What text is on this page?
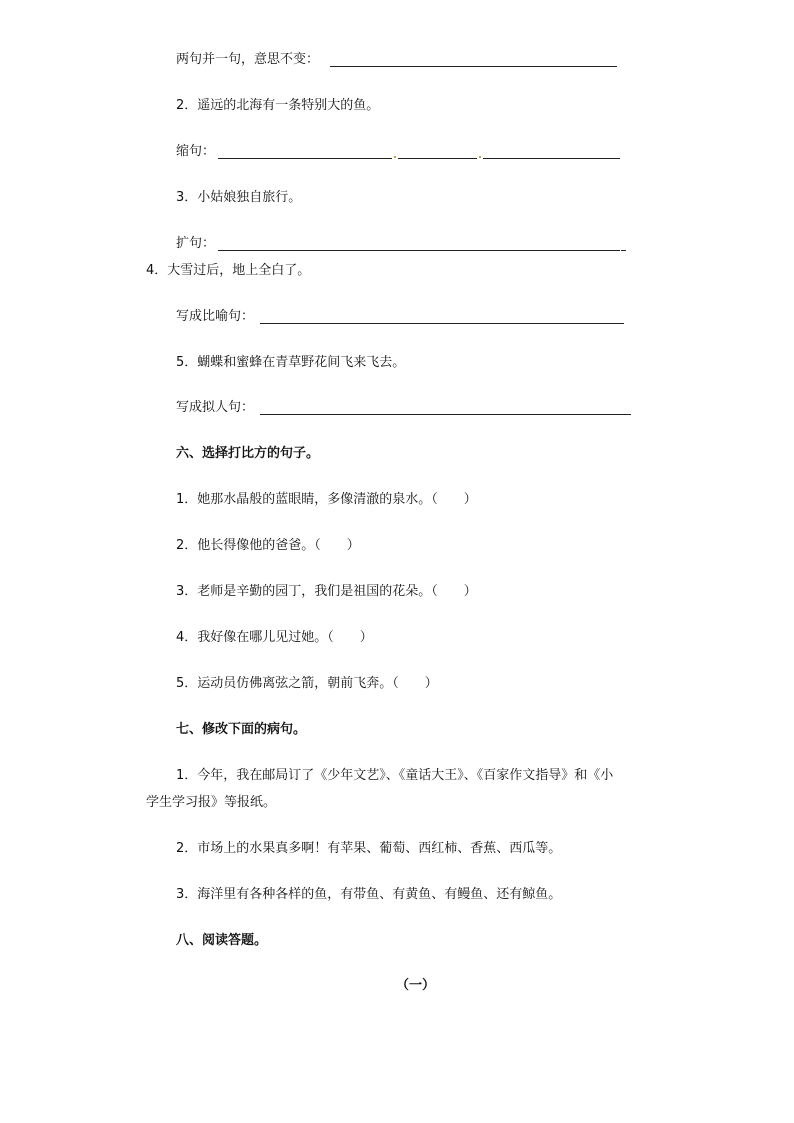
两句并一句，意思不变：
2．遥远的北海有一条特别大的鱼。
缩句：
3．小姑娘独自旅行。
扩句：
4．大雪过后，地上全白了。
写成比喻句：
5．蝴蝶和蜜蜂在青草野花间飞来飞去。
写成拟人句：
六、选择打比方的句子。
1．她那水晶般的蓝眼睛，多像清澈的泉水。（　　）
2．他长得像他的爸爸。（　　）
3．老师是辛勤的园丁，我们是祖国的花朵。（　　）
4．我好像在哪儿见过她。（　　）
5．运动员仿佛离弦之箭，朝前飞奔。（　　）
七、修改下面的病句。
1．今年，我在邮局订了《少年文艺》、《童话大王》、《百家作文指导》和《小
学生学习报》等报纸。
2．市场上的水果真多啊！有苹果、葡萄、西红柿、香蕉、西瓜等。
3．海洋里有各种各样的鱼，有带鱼、有黄鱼、有鳗鱼、还有鲸鱼。
八、阅读答题。
（一）
